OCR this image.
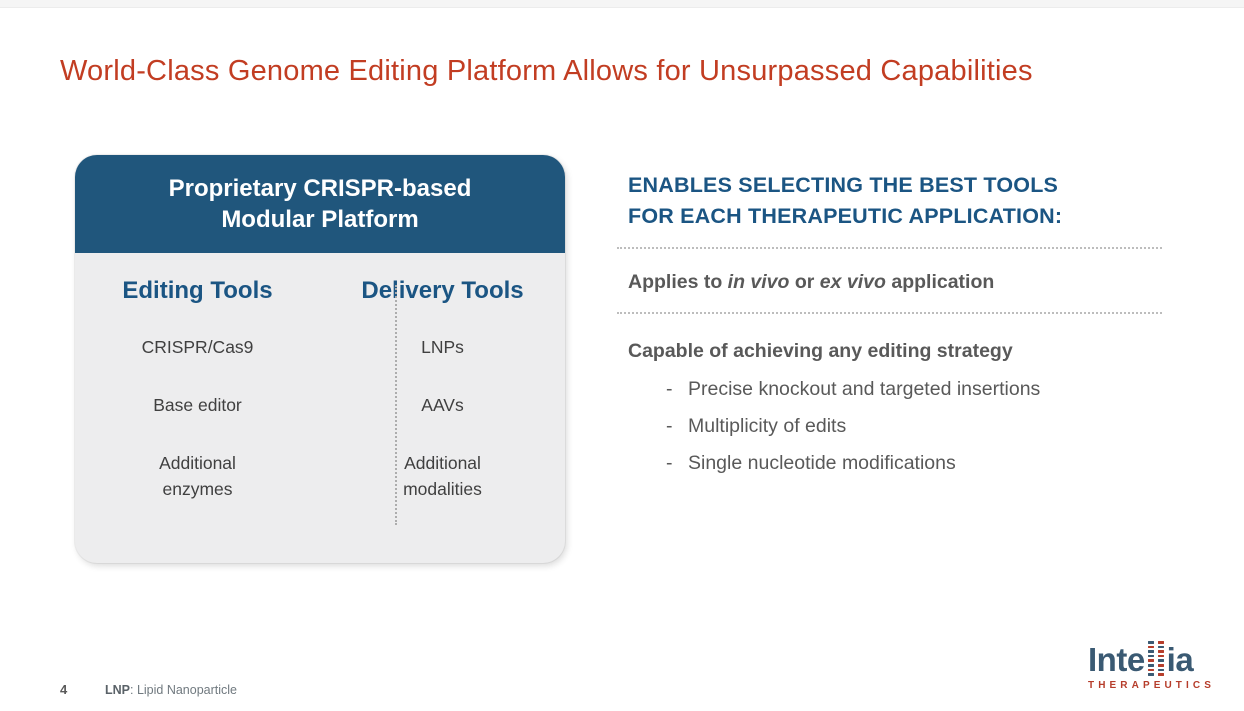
World-Class Genome Editing Platform Allows for Unsurpassed Capabilities
Proprietary CRISPR-based
Modular Platform
Editing Tools
CRISPR/Cas9
Base editor
Additional
enzymes
Delivery Tools
LNPs
AAVs
Additional
modalities
ENABLES SELECTING THE BEST TOOLS
FOR EACH THERAPEUTIC APPLICATION:
Applies to in vivo or ex vivo application
Capable of achieving any editing strategy
- Precise knockout and targeted insertions
- Multiplicity of edits
- Single nucleotide modifications
4	LNP: Lipid Nanoparticle
Inte ia
THERAPEUTICS
